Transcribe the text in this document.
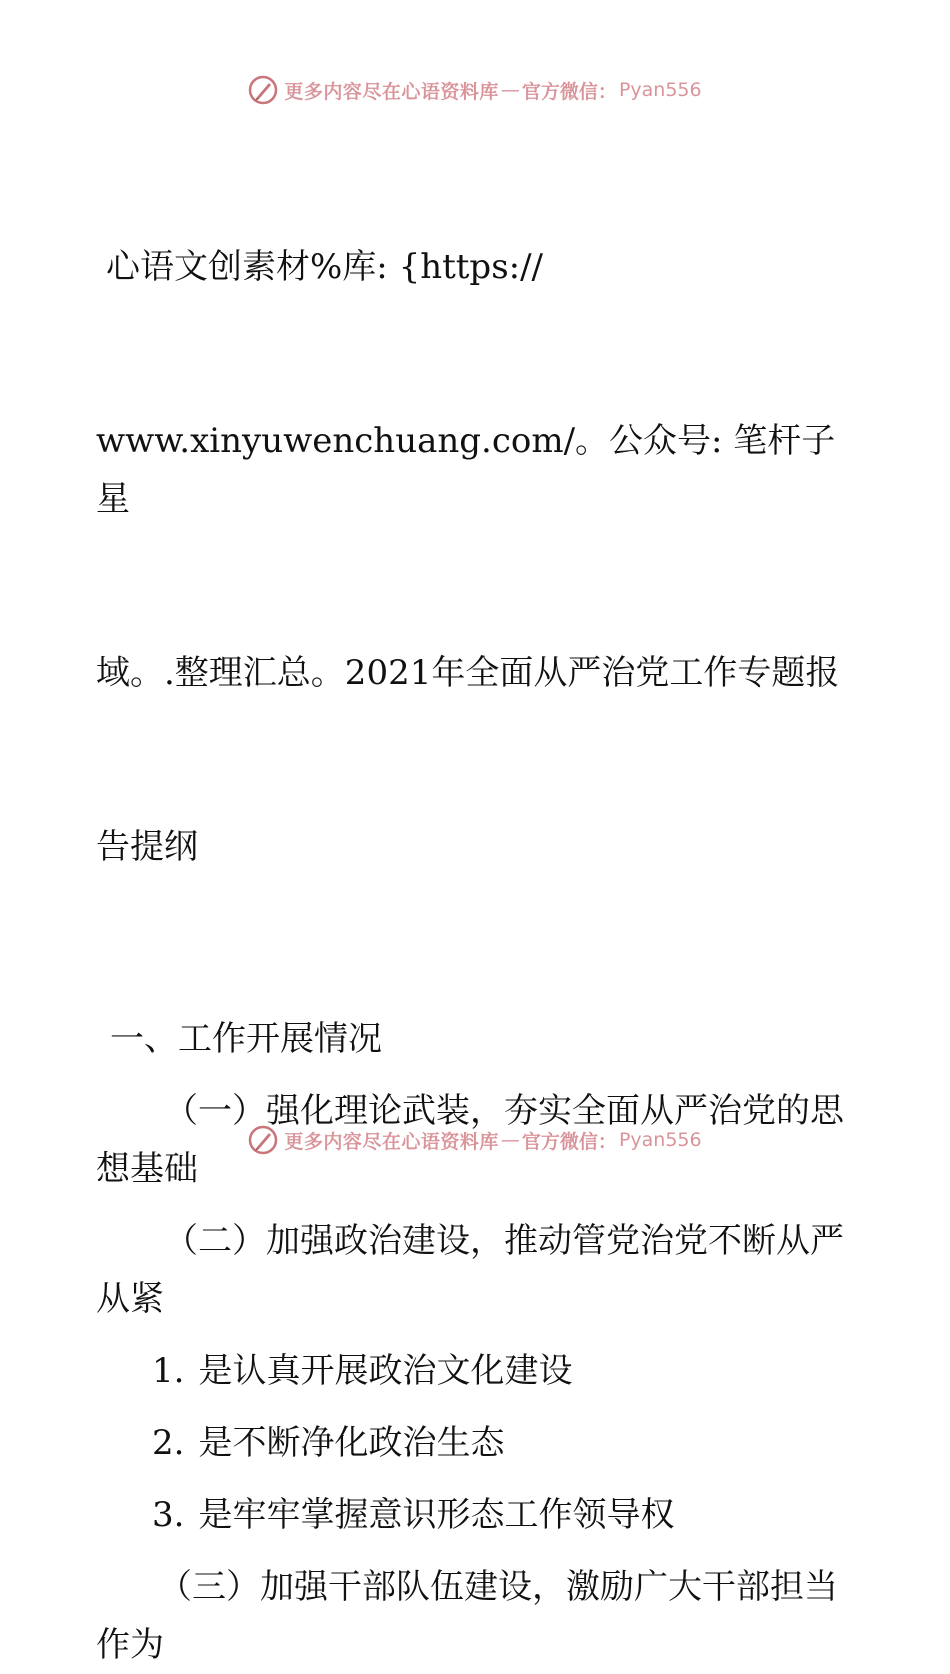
更多内容尽在心语资料库 — 官方微信： Pyan556

心语文创素材%库: {https://

www.xinyuwenchuang.com/。公众号: 笔杆子星

域。.整理汇总。2021年全面从严治党工作专题报

告提纲

一、工作开展情况

（一）强化理论武装，夯实全面从严治党的思
想基础

（二）加强政治建设，推动管党治党不断从严
从紧

1. 是认真开展政治文化建设

2. 是不断净化政治生态

3. 是牢牢掌握意识形态工作领导权

（三）加强干部队伍建设，激励广大干部担当
作为

更多内容尽在心语资料库 — 官方微信： Pyan556
